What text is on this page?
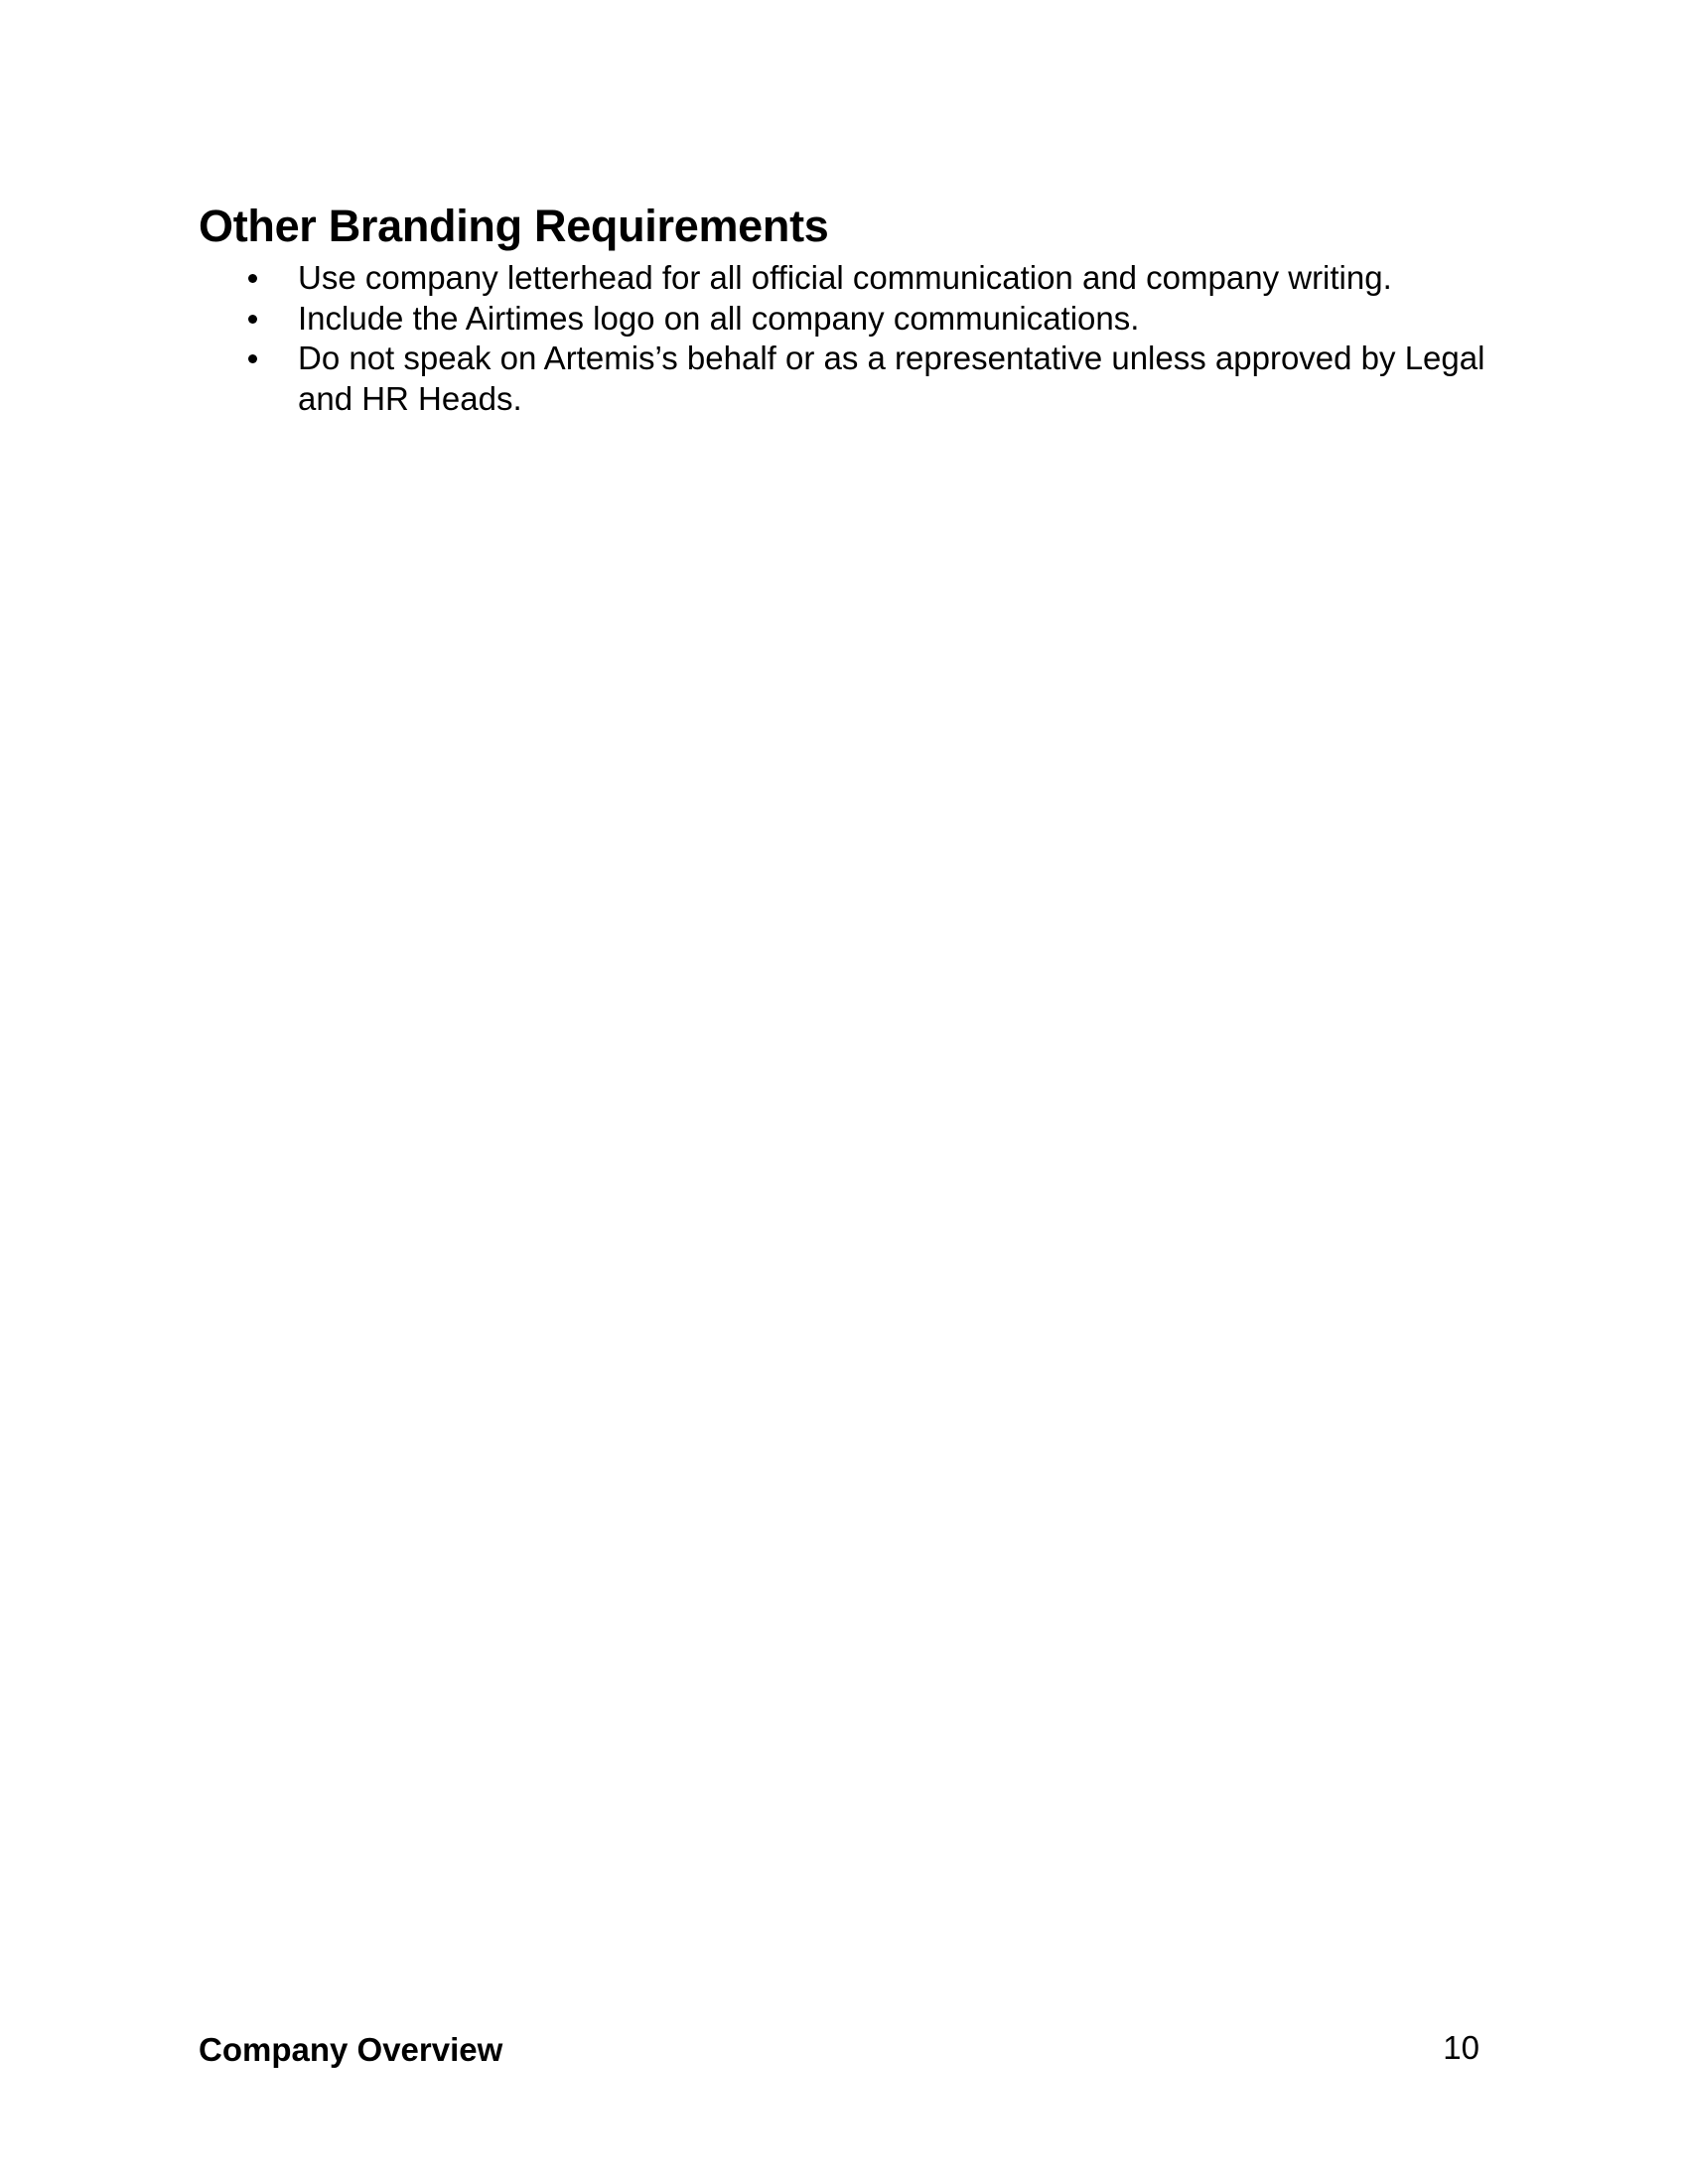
Other Branding Requirements
Use company letterhead for all official communication and company writing.
Include the Airtimes logo on all company communications.
Do not speak on Artemis’s behalf or as a representative unless approved by Legal and HR Heads.
Company Overview	10
